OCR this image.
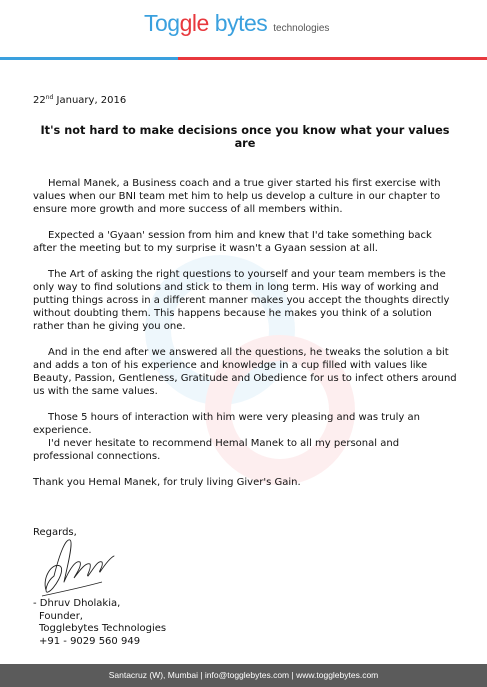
Tog gle bytes technologies
22nd January, 2016
It's not hard to make decisions once you know what your values are
Hemal Manek, a Business coach and a true giver started his first exercise with values when our BNI team met him to help us develop a culture in our chapter to ensure more growth and more success of all members within.
Expected a 'Gyaan' session from him and knew that I'd take something back after the meeting but to my surprise it wasn't a Gyaan session at all.
The Art of asking the right questions to yourself and your team members is the only way to find solutions and stick to them in long term. His way of working and putting things across in a different manner makes you accept the thoughts directly without doubting them. This happens because he makes you think of a solution rather than he giving you one.
And in the end after we answered all the questions, he tweaks the solution a bit and adds a ton of his experience and knowledge in a cup filled with values like Beauty, Passion, Gentleness, Gratitude and Obedience for us to infect others around us with the same values.
Those 5 hours of interaction with him were very pleasing and was truly an experience.
I'd never hesitate to recommend Hemal Manek to all my personal and professional connections.
Thank you Hemal Manek, for truly living Giver's Gain.
Regards,
- Dhruv Dholakia,
Founder,
Togglebytes Technologies
+91 - 9029 560 949
Santacruz (W), Mumbai | info@togglebytes.com | www.togglebytes.com
